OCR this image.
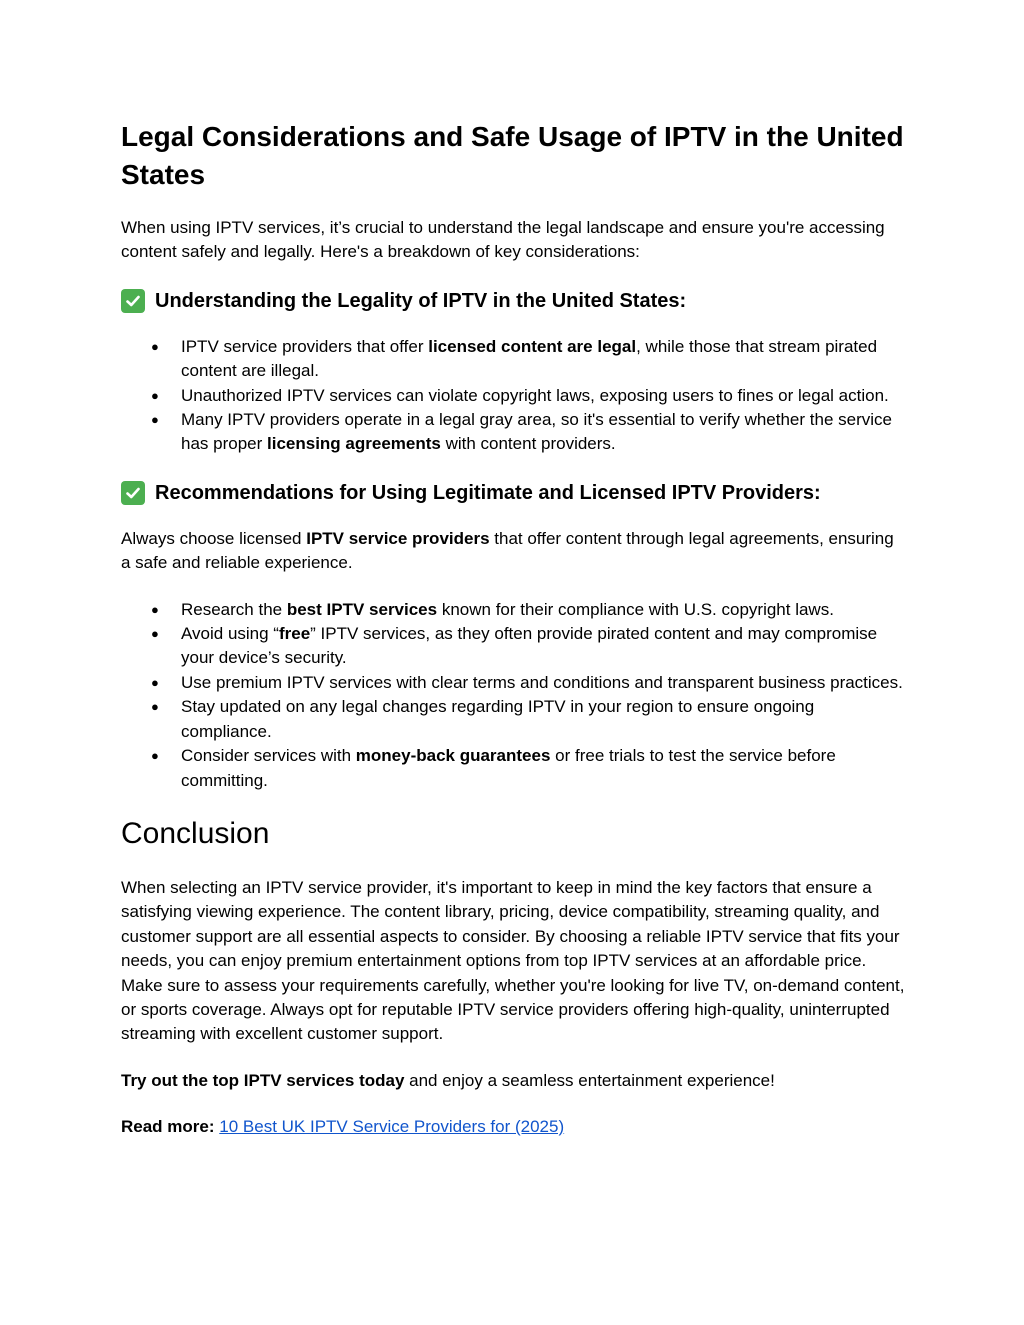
Legal Considerations and Safe Usage of IPTV in the United States

When using IPTV services, it’s crucial to understand the legal landscape and ensure you're accessing content safely and legally. Here's a breakdown of key considerations:

Understanding the Legality of IPTV in the United States:
● IPTV service providers that offer licensed content are legal, while those that stream pirated content are illegal.
● Unauthorized IPTV services can violate copyright laws, exposing users to fines or legal action.
● Many IPTV providers operate in a legal gray area, so it's essential to verify whether the service has proper licensing agreements with content providers.
Recommendations for Using Legitimate and Licensed IPTV Providers:

Always choose licensed IPTV service providers that offer content through legal agreements, ensuring a safe and reliable experience.

● Research the best IPTV services known for their compliance with U.S. copyright laws.
● Avoid using “free” IPTV services, as they often provide pirated content and may compromise your device’s security.
● Use premium IPTV services with clear terms and conditions and transparent business practices.
● Stay updated on any legal changes regarding IPTV in your region to ensure ongoing compliance.
● Consider services with money-back guarantees or free trials to test the service before committing.
Conclusion

When selecting an IPTV service provider, it's important to keep in mind the key factors that ensure a satisfying viewing experience. The content library, pricing, device compatibility, streaming quality, and customer support are all essential aspects to consider. By choosing a reliable IPTV service that fits your needs, you can enjoy premium entertainment options from top IPTV services at an affordable price.

Make sure to assess your requirements carefully, whether you're looking for live TV, on-demand content, or sports coverage. Always opt for reputable IPTV service providers offering high-quality, uninterrupted streaming with excellent customer support.

Try out the top IPTV services today and enjoy a seamless entertainment experience!

Read more: 10 Best UK IPTV Service Providers for (2025)
